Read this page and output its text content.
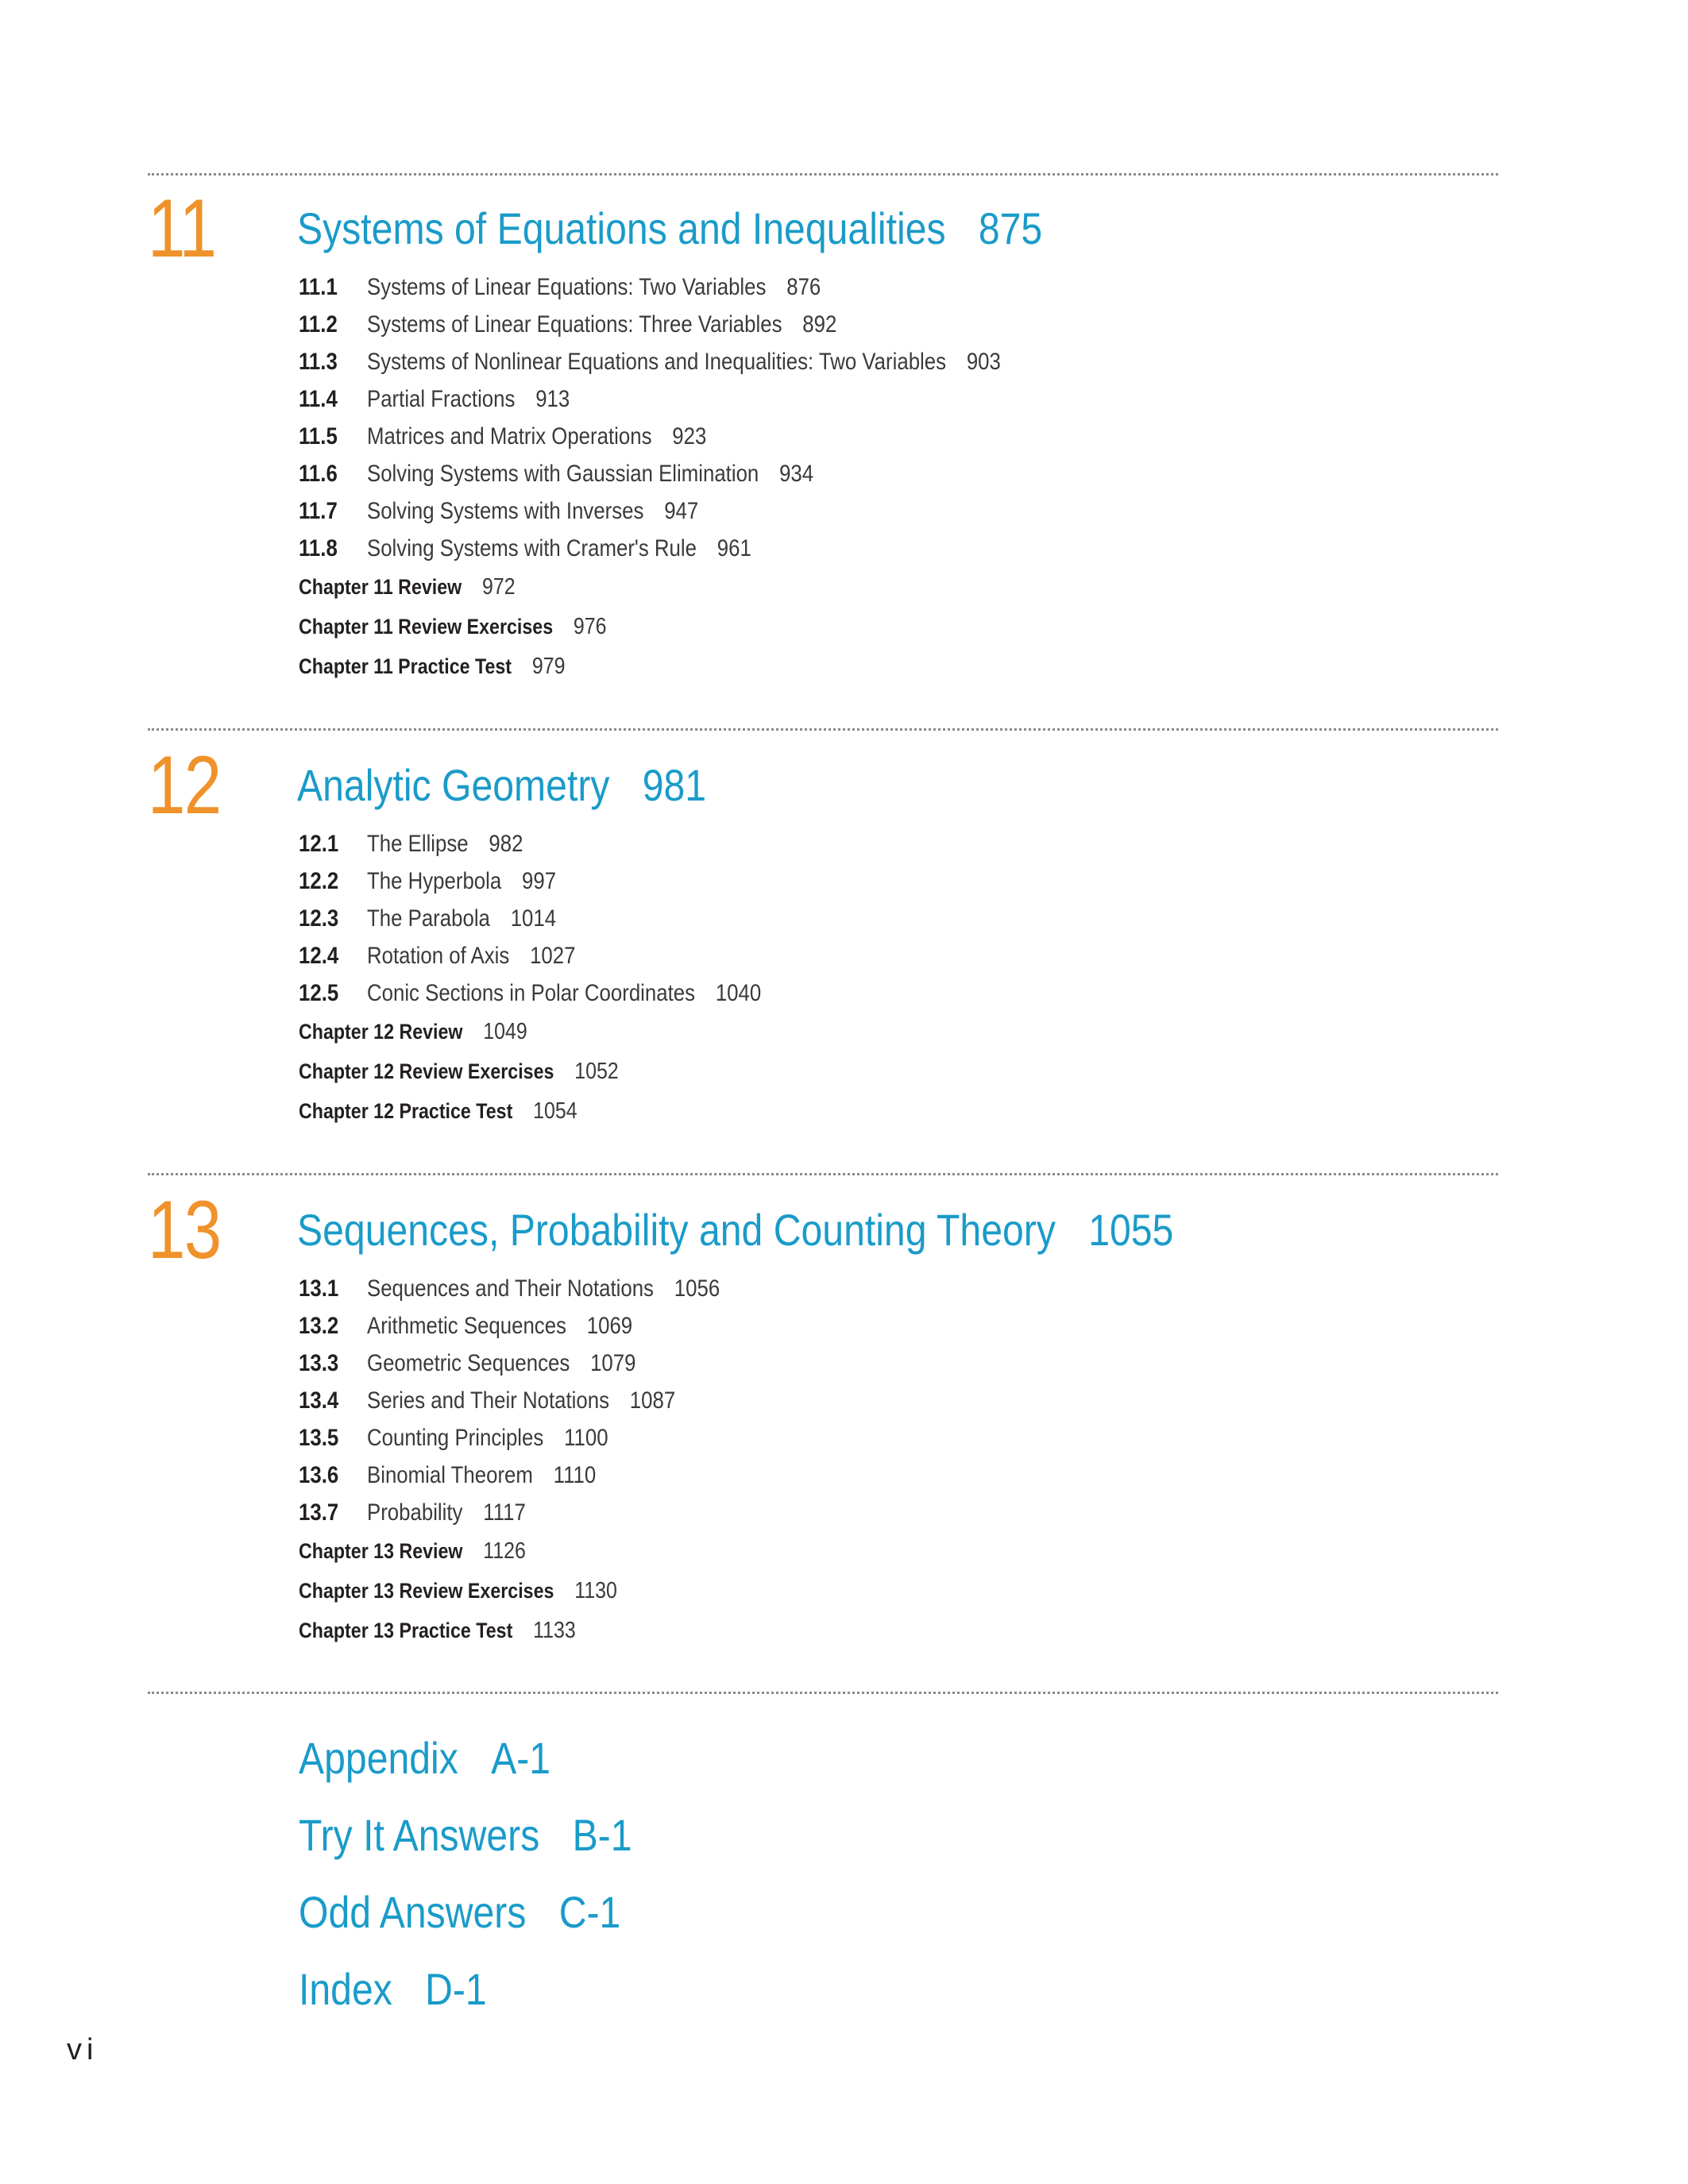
11 Systems of Equations and Inequalities 875
11.1 Systems of Linear Equations: Two Variables 876
11.2 Systems of Linear Equations: Three Variables 892
11.3 Systems of Nonlinear Equations and Inequalities: Two Variables 903
11.4 Partial Fractions 913
11.5 Matrices and Matrix Operations 923
11.6 Solving Systems with Gaussian Elimination 934
11.7 Solving Systems with Inverses 947
11.8 Solving Systems with Cramer's Rule 961
Chapter 11 Review 972
Chapter 11 Review Exercises 976
Chapter 11 Practice Test 979
12 Analytic Geometry 981
12.1 The Ellipse 982
12.2 The Hyperbola 997
12.3 The Parabola 1014
12.4 Rotation of Axis 1027
12.5 Conic Sections in Polar Coordinates 1040
Chapter 12 Review 1049
Chapter 12 Review Exercises 1052
Chapter 12 Practice Test 1054
13 Sequences, Probability and Counting Theory 1055
13.1 Sequences and Their Notations 1056
13.2 Arithmetic Sequences 1069
13.3 Geometric Sequences 1079
13.4 Series and Their Notations 1087
13.5 Counting Principles 1100
13.6 Binomial Theorem 1110
13.7 Probability 1117
Chapter 13 Review 1126
Chapter 13 Review Exercises 1130
Chapter 13 Practice Test 1133
Appendix A-1
Try It Answers B-1
Odd Answers C-1
Index D-1
vi
